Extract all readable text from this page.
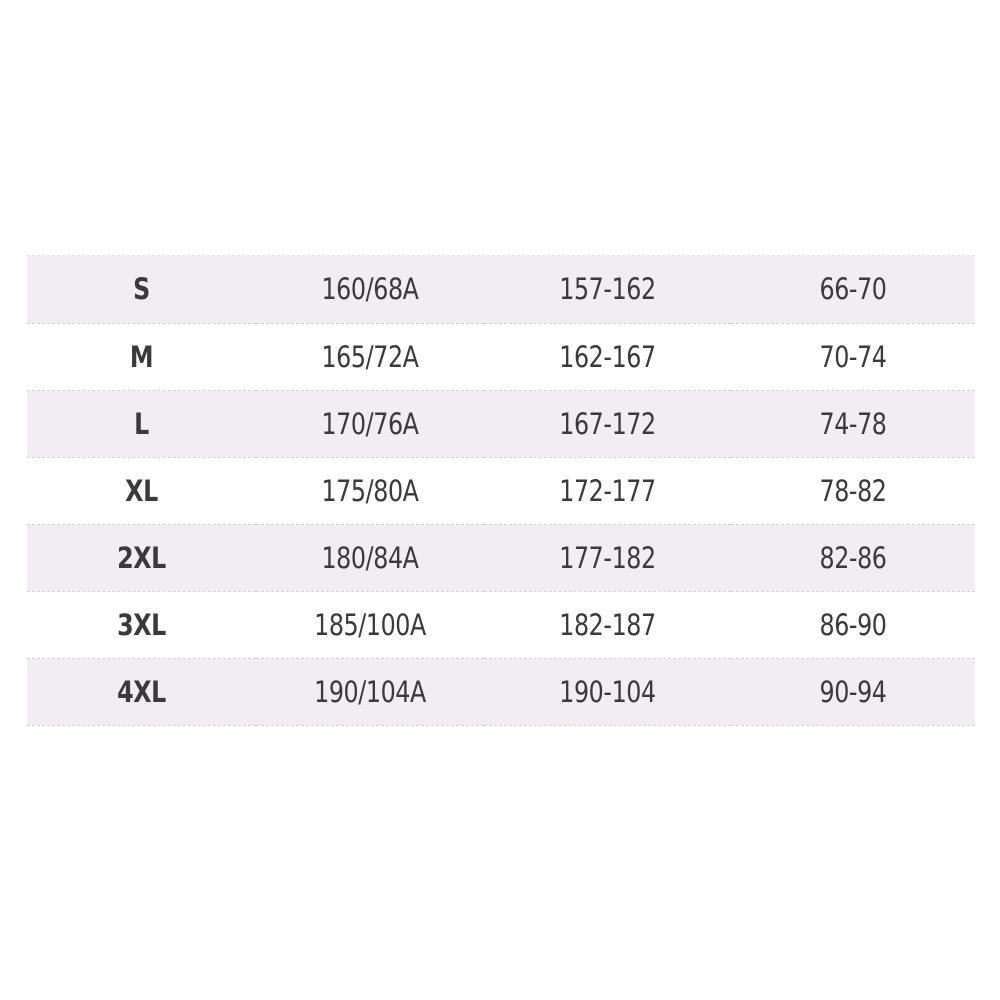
S	160/68A	157-162	66-70
M	165/72A	162-167	70-74
L	170/76A	167-172	74-78
XL	175/80A	172-177	78-82
2XL	180/84A	177-182	82-86
3XL	185/100A	182-187	86-90
4XL	190/104A	190-104	90-94
